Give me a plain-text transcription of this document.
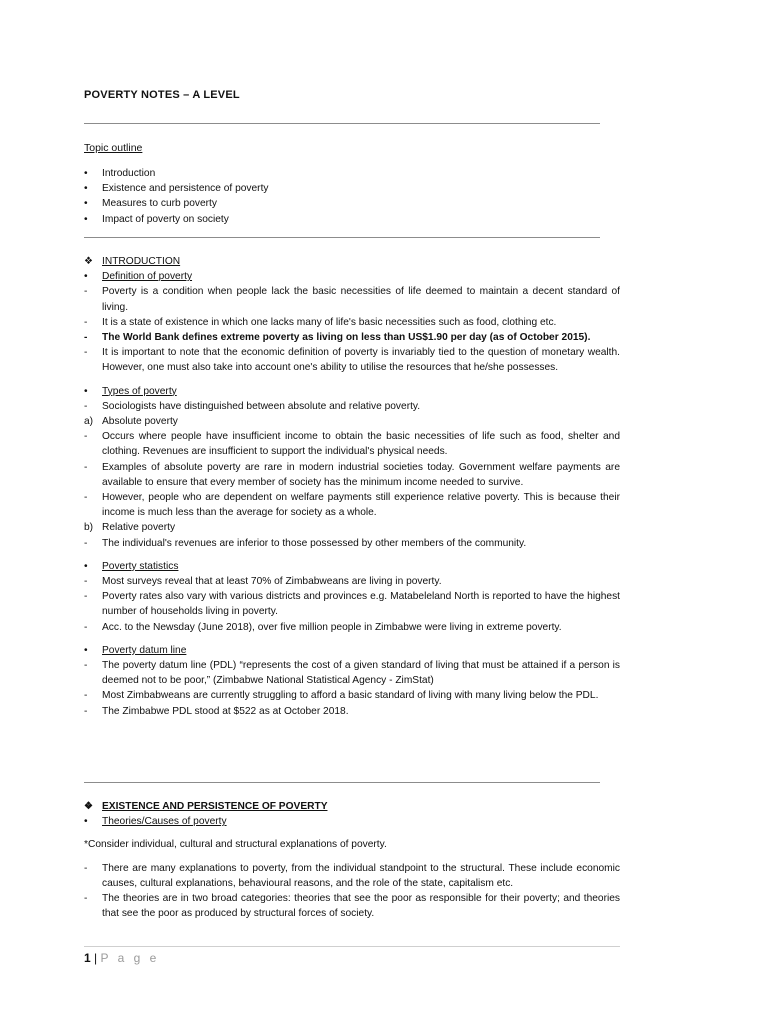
POVERTY NOTES – A LEVEL
Topic outline
•	Introduction
•	Existence and persistence of poverty
•	Measures to curb poverty
•	Impact of poverty on society
❖ INTRODUCTION
•	Definition of poverty
-	Poverty is a condition when people lack the basic necessities of life deemed to maintain a decent standard of living.
-	It is a state of existence in which one lacks many of life's basic necessities such as food, clothing etc.
-	The World Bank defines extreme poverty as living on less than US$1.90 per day (as of October 2015).
-	It is important to note that the economic definition of poverty is invariably tied to the question of monetary wealth. However, one must also take into account one's ability to utilise the resources that he/she possesses.
•	Types of poverty
-	Sociologists have distinguished between absolute and relative poverty.
a) Absolute poverty
-	Occurs where people have insufficient income to obtain the basic necessities of life such as food, shelter and clothing. Revenues are insufficient to support the individual's physical needs.
-	Examples of absolute poverty are rare in modern industrial societies today. Government welfare payments are available to ensure that every member of society has the minimum income needed to survive.
-	However, people who are dependent on welfare payments still experience relative poverty. This is because their income is much less than the average for society as a whole.
b) Relative poverty
-	The individual's revenues are inferior to those possessed by other members of the community.
•	Poverty statistics
-	Most surveys reveal that at least 70% of Zimbabweans are living in poverty.
-	Poverty rates also vary with various districts and provinces e.g. Matabeleland North is reported to have the highest number of households living in poverty.
-	Acc. to the Newsday (June 2018), over five million people in Zimbabwe were living in extreme poverty.
•	Poverty datum line
-	The poverty datum line (PDL) “represents the cost of a given standard of living that must be attained if a person is deemed not to be poor,” (Zimbabwe National Statistical Agency - ZimStat)
-	Most Zimbabweans are currently struggling to afford a basic standard of living with many living below the PDL.
-	The Zimbabwe PDL stood at $522 as at October 2018.
❖ EXISTENCE AND PERSISTENCE OF POVERTY
•	Theories/Causes of poverty
*Consider individual, cultural and structural explanations of poverty.
-	There are many explanations to poverty, from the individual standpoint to the structural. These include economic causes, cultural explanations, behavioural reasons, and the role of the state, capitalism etc.
-	The theories are in two broad categories: theories that see the poor as responsible for their poverty; and theories that see the poor as produced by structural forces of society.
1 | P a g e
